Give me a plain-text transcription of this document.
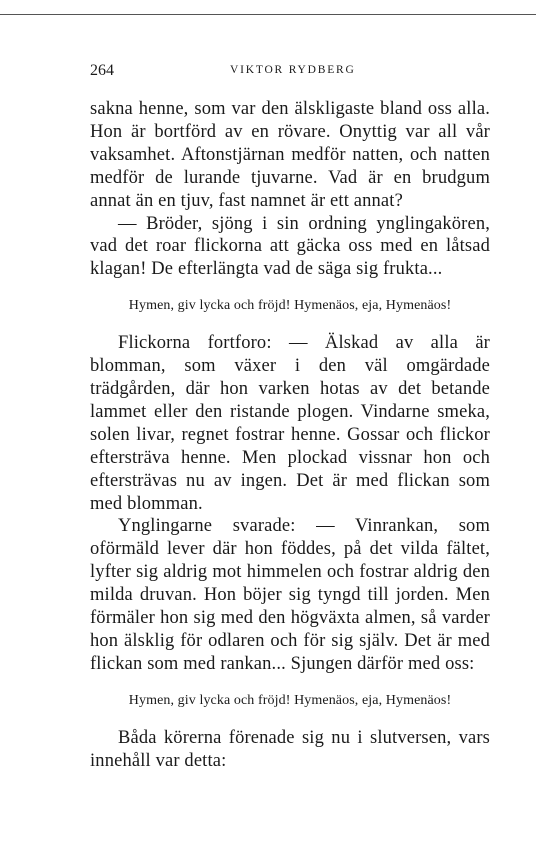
264	VIKTOR RYDBERG

sakna henne, som var den älskligaste bland oss alla. Hon är bortförd av en rövare. Onyttig var all vår vaksamhet. Aftonstjärnan medför natten, och natten medför de lurande tjuvarne. Vad är en brudgum annat än en tjuv, fast namnet är ett annat?

— Bröder, sjöng i sin ordning ynglingakören, vad det roar flickorna att gäcka oss med en låtsad klagan! De efterlängta vad de säga sig frukta...

Hymen, giv lycka och fröjd! Hymenäos, eja, Hymenäos!

Flickorna fortforo: — Älskad av alla är blomman, som växer i den väl omgärdade trädgården, där hon varken hotas av det betande lammet eller den ristande plogen. Vindarne smeka, solen livar, regnet fostrar henne. Gossar och flickor eftersträva henne. Men plockad vissnar hon och eftersträvas nu av ingen. Det är med flickan som med blomman.

Ynglingarne svarade: — Vinrankan, som oförmäld lever där hon föddes, på det vilda fältet, lyfter sig aldrig mot himmelen och fostrar aldrig den milda druvan. Hon böjer sig tyngd till jorden. Men förmäler hon sig med den högväxta almen, så varder hon älsklig för odlaren och för sig själv. Det är med flickan som med rankan... Sjungen därför med oss:

Hymen, giv lycka och fröjd! Hymenäos, eja, Hymenäos!

Båda körerna förenade sig nu i slutversen, vars innehåll var detta:
